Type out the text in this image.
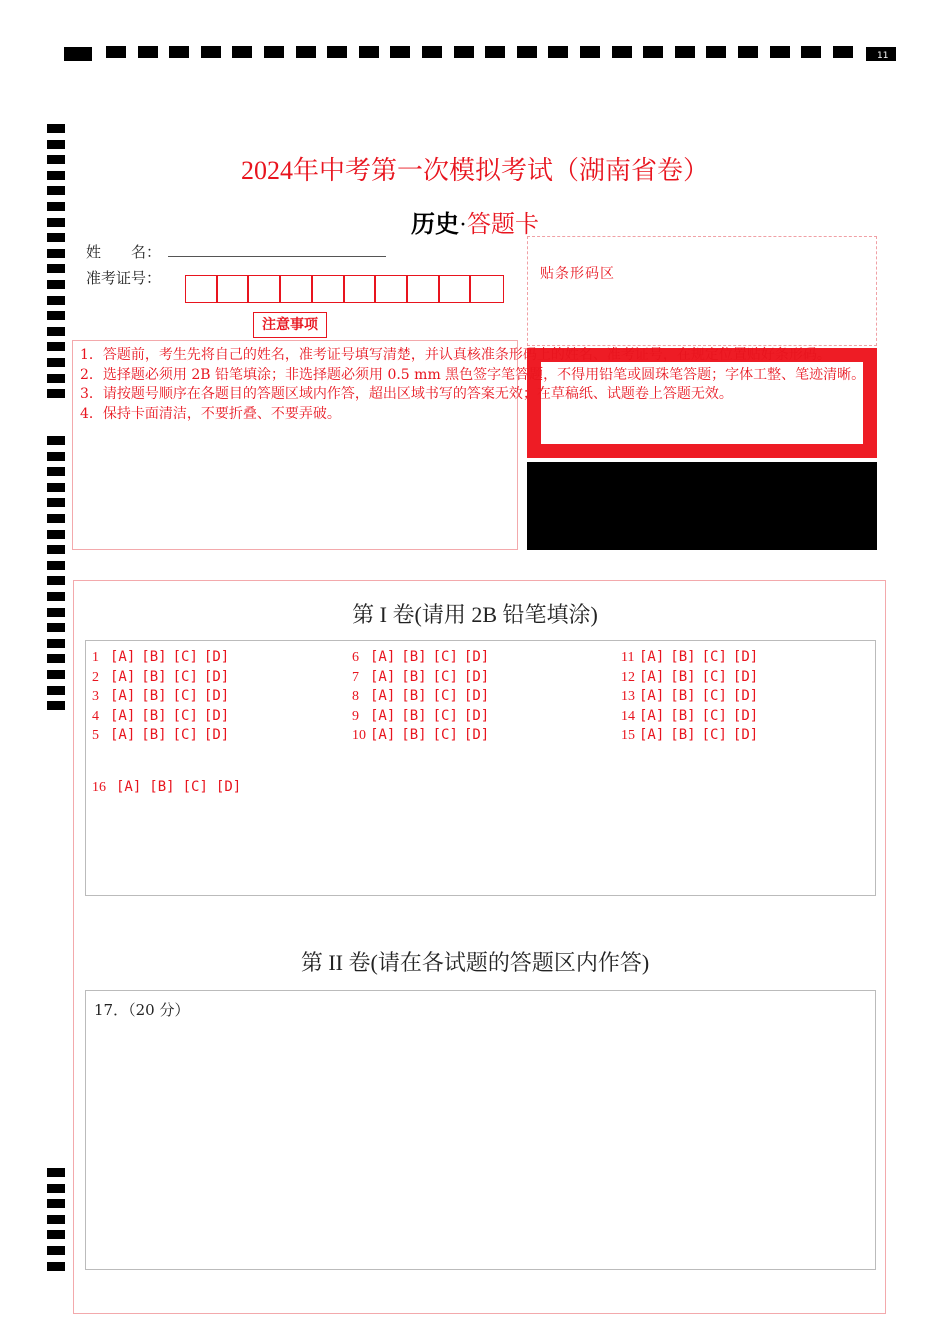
11
2024年中考第一次模拟考试（湖南省卷）
历史·答题卡
姓　　名：
准考证号：
注意事项
贴条形码区
1．答题前，考生先将自己的姓名，准考证号填写清楚，并认真核准条形码上的姓名、准考证号，在规定位置贴好条形码。
2．选择题必须用 2B 铅笔填涂；非选择题必须用 0.5 mm 黑色签字笔答题，不得用铅笔或圆珠笔答题；字体工整、笔迹清晰。
3．请按题号顺序在各题目的答题区域内作答，超出区域书写的答案无效；在草稿纸、试题卷上答题无效。
4．保持卡面清洁，不要折叠、不要弄破。
第 I 卷(请用 2B 铅笔填涂)
1 [A] [B] [C] [D]
2 [A] [B] [C] [D]
3 [A] [B] [C] [D]
4 [A] [B] [C] [D]
5 [A] [B] [C] [D]
6 [A] [B] [C] [D]
7 [A] [B] [C] [D]
8 [A] [B] [C] [D]
9 [A] [B] [C] [D]
10 [A] [B] [C] [D]
11 [A] [B] [C] [D]
12 [A] [B] [C] [D]
13 [A] [B] [C] [D]
14 [A] [B] [C] [D]
15 [A] [B] [C] [D]
16 [A] [B] [C] [D]
第 II 卷(请在各试题的答题区内作答)
17．（20 分）
